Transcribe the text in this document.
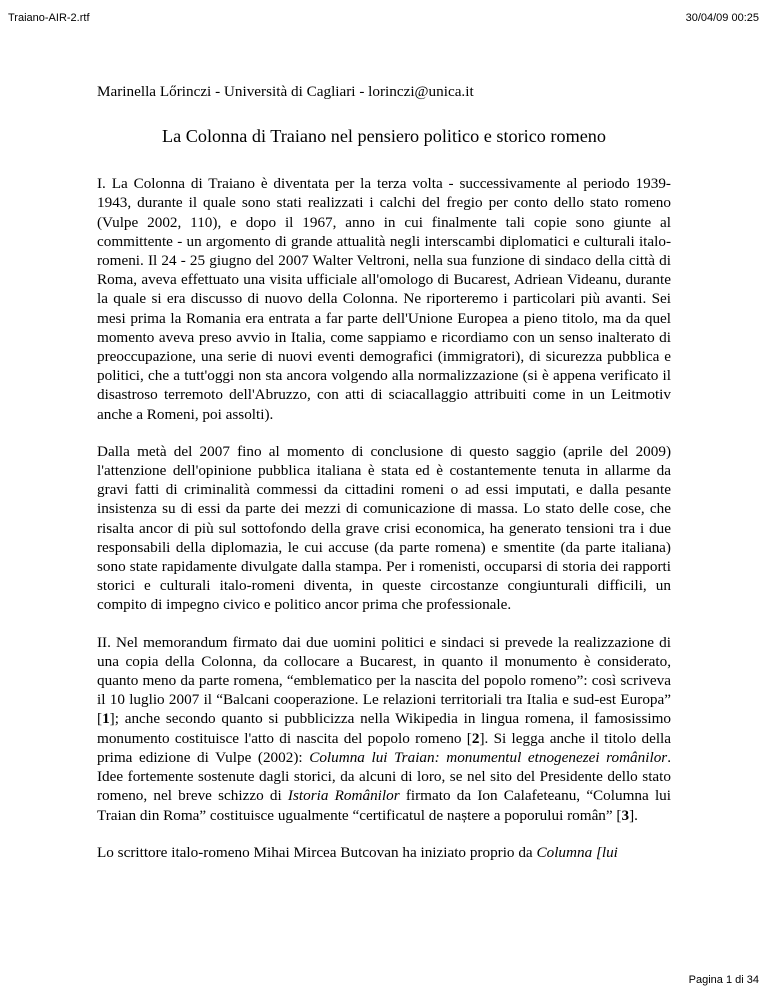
Traiano-AIR-2.rtf	30/04/09 00:25

Marinella Lőrinczi - Università di Cagliari - lorinczi@unica.it

La Colonna di Traiano nel pensiero politico e storico romeno

I. La Colonna di Traiano è diventata per la terza volta - successivamente al periodo 1939-1943, durante il quale sono stati realizzati i calchi del fregio per conto dello stato romeno (Vulpe 2002, 110), e dopo il 1967, anno in cui finalmente tali copie sono giunte al committente - un argomento di grande attualità negli interscambi diplomatici e culturali italo-romeni. Il 24 - 25 giugno del 2007 Walter Veltroni, nella sua funzione di sindaco della città di Roma, aveva effettuato una visita ufficiale all'omologo di Bucarest, Adriean Videanu, durante la quale si era discusso di nuovo della Colonna. Ne riporteremo i particolari più avanti. Sei mesi prima la Romania era entrata a far parte dell'Unione Europea a pieno titolo, ma da quel momento aveva preso avvio in Italia, come sappiamo e ricordiamo con un senso inalterato di preoccupazione, una serie di nuovi eventi demografici (immigratori), di sicurezza pubblica e politici, che a tutt'oggi non sta ancora volgendo alla normalizzazione (si è appena verificato il disastroso terremoto dell'Abruzzo, con atti di sciacallaggio attribuiti come in un Leitmotiv anche a Romeni, poi assolti).

Dalla metà del 2007 fino al momento di conclusione di questo saggio (aprile del 2009) l'attenzione dell'opinione pubblica italiana è stata ed è costantemente tenuta in allarme da gravi fatti di criminalità commessi da cittadini romeni o ad essi imputati, e dalla pesante insistenza su di essi da parte dei mezzi di comunicazione di massa. Lo stato delle cose, che risalta ancor di più sul sottofondo della grave crisi economica, ha generato tensioni tra i due responsabili della diplomazia, le cui accuse (da parte romena) e smentite (da parte italiana) sono state rapidamente divulgate dalla stampa. Per i romenisti, occuparsi di storia dei rapporti storici e culturali italo-romeni diventa, in queste circostanze congiunturali difficili, un compito di impegno civico e politico ancor prima che professionale.

II. Nel memorandum firmato dai due uomini politici e sindaci si prevede la realizzazione di una copia della Colonna, da collocare a Bucarest, in quanto il monumento è considerato, quanto meno da parte romena, “emblematico per la nascita del popolo romeno”: così scriveva il 10 luglio 2007 il “Balcani cooperazione. Le relazioni territoriali tra Italia e sud-est Europa” [1]; anche secondo quanto si pubblicizza nella Wikipedia in lingua romena, il famosissimo monumento costituisce l'atto di nascita del popolo romeno [2]. Si legga anche il titolo della prima edizione di Vulpe (2002): Columna lui Traian: monumentul etnogenezei românilor. Idee fortemente sostenute dagli storici, da alcuni di loro, se nel sito del Presidente dello stato romeno, nel breve schizzo di Istoria Românilor firmato da Ion Calafeteanu, “Columna lui Traian din Roma” costituisce ugualmente “certificatul de naștere a poporului român” [3].

Lo scrittore italo-romeno Mihai Mircea Butcovan ha iniziato proprio da Columna [lui

Pagina 1 di 34
